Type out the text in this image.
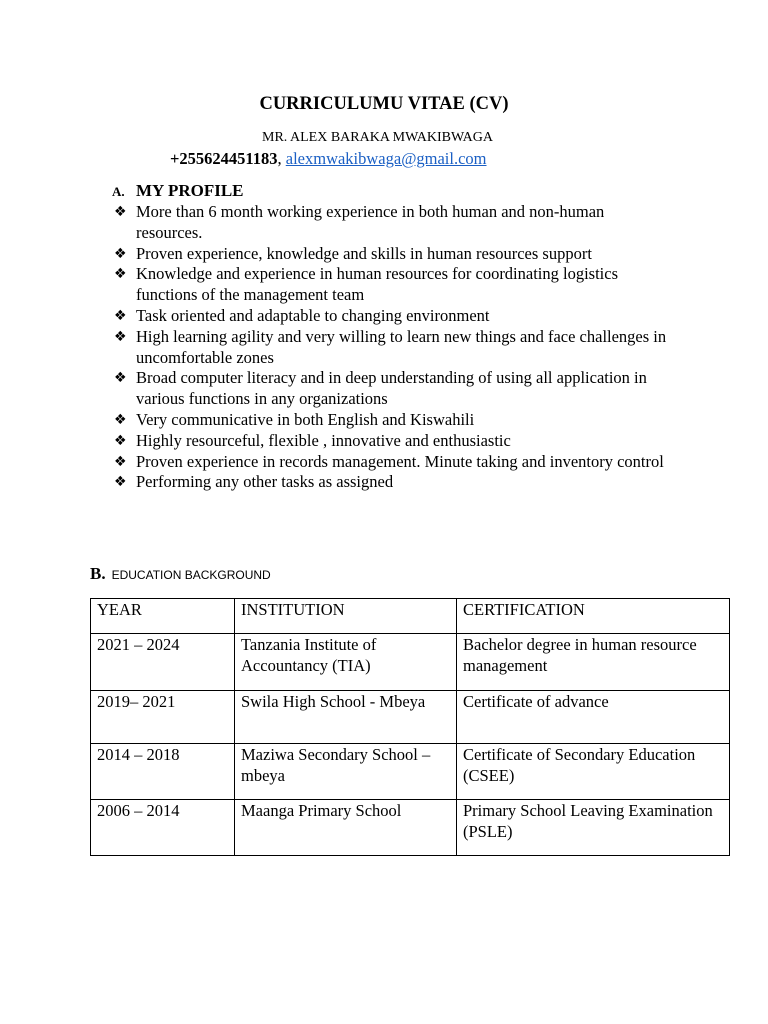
CURRICULUMU VITAE (CV)

MR. ALEX BARAKA MWAKIBWAGA

+255624451183, alexmwakibwaga@gmail.com

A. MY PROFILE

❖ More than 6 month working experience in both human and non-human resources.
❖ Proven experience, knowledge and skills in human resources support
❖ Knowledge and experience in human resources for coordinating logistics functions of the management team
❖ Task oriented and adaptable to changing environment
❖ High learning agility and very willing to learn new things and face challenges in uncomfortable zones
❖ Broad computer literacy and in deep understanding of using all application in various functions in any organizations
❖ Very communicative in both English and Kiswahili
❖ Highly resourceful, flexible , innovative and enthusiastic
❖ Proven experience in records management. Minute taking and inventory control
❖ Performing any other tasks as assigned

B. EDUCATION BACKGROUND

YEAR	INSTITUTION	CERTIFICATION
2021 – 2024	Tanzania Institute of Accountancy (TIA)	Bachelor degree in human resource management
2019– 2021	Swila High School - Mbeya	Certificate of advance
2014 – 2018	Maziwa Secondary School – mbeya	Certificate of Secondary Education (CSEE)
2006 – 2014	Maanga Primary School	Primary School Leaving Examination (PSLE)
